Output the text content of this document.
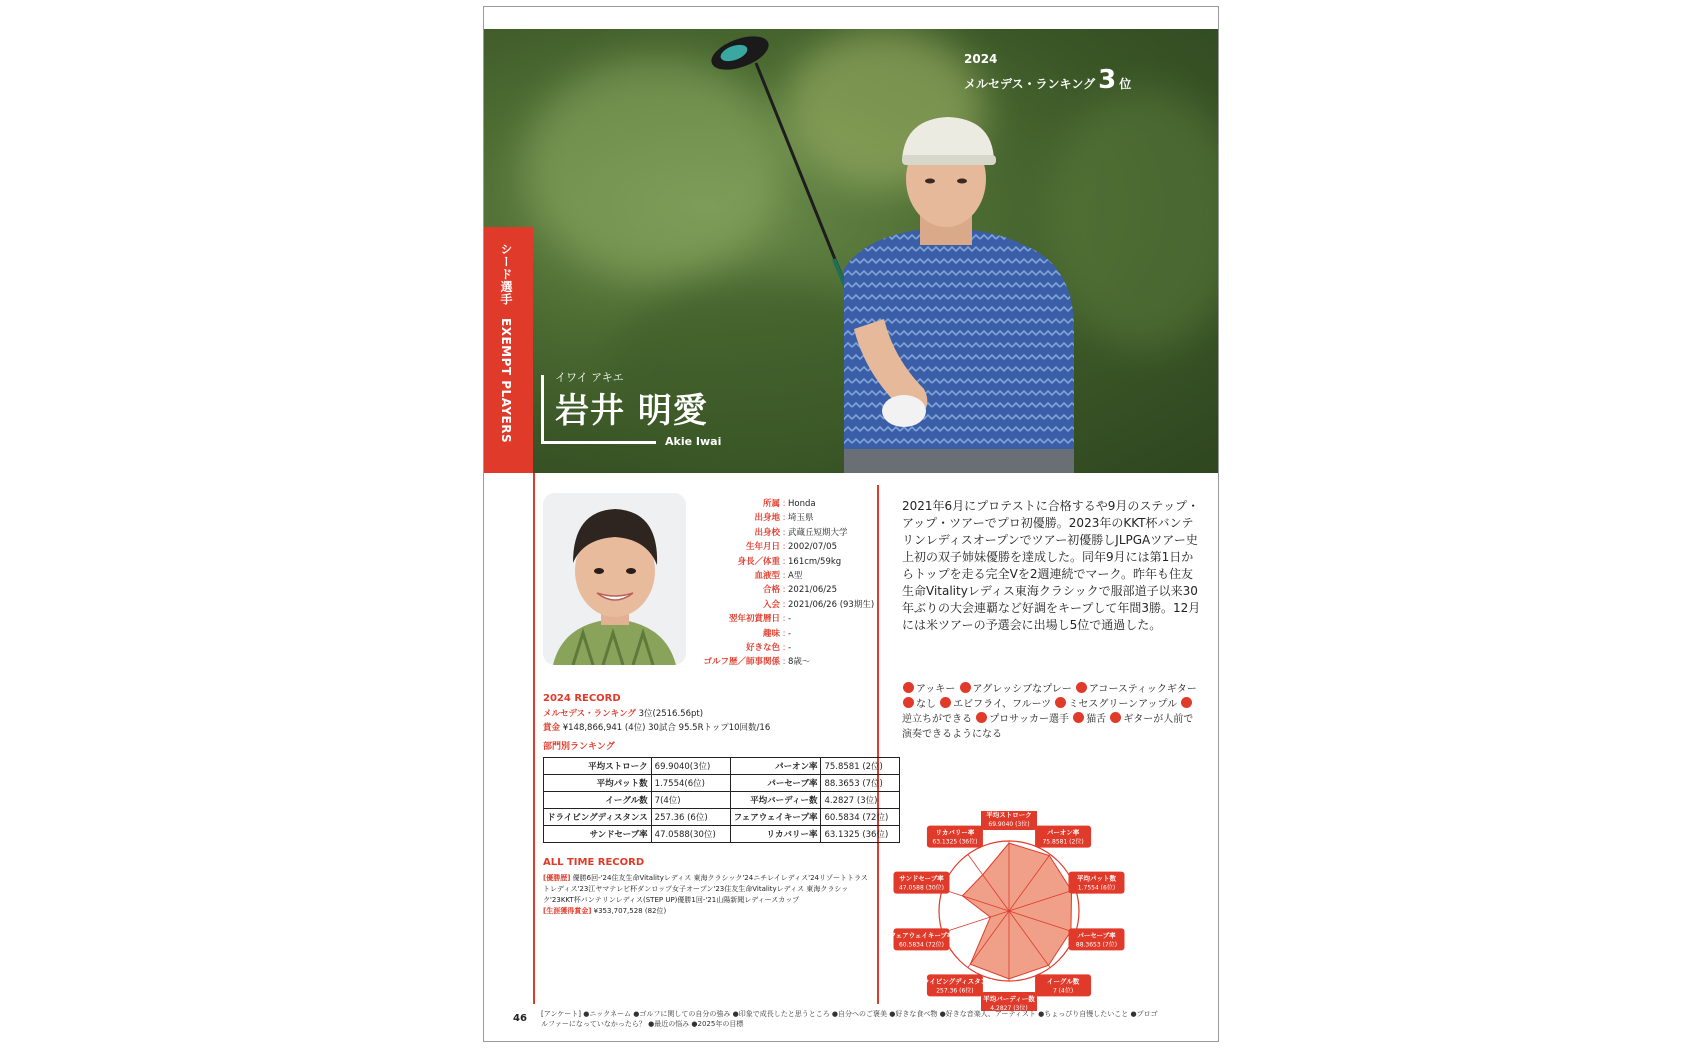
2024
メルセデス・ランキング 3 位
シード選手　EXEMPT PLAYERS	イワイ アキエ
岩井 明愛
Akie Iwai
所属 : Honda
出身地 : 埼玉県
出身校 : 武蔵丘短期大学
生年月日 : 2002/07/05
身長／体重 : 161cm/59kg
血液型 : A型
合格 : 2021/06/25
入会 : 2021/06/26 (93期生)
翌年初賞暦日 : -
趣味 : -
好きな色 : -
ゴルフ歴／師事関係 : 8歳～
2024 RECORD
メルセデス・ランキング 3位(2516.56pt)
賞金 ¥148,866,941 (4位) 30試合 95.5Rトップ10回数/16
部門別ランキング
平均ストローク	69.9040(3位)	パーオン率	75.8581 (2位)
平均パット数	1.7554(6位)	パーセーブ率	88.3653 (7位)
イーグル数	7(4位)	平均バーディー数	4.2827 (3位)
ドライビングディスタンス	257.36 (6位)	フェアウェイキープ率	60.5834 (72位)
サンドセーブ率	47.0588(30位)	リカバリー率	63.1325 (36位)
ALL TIME RECORD
[優勝歴] 優勝6回-'24住友生命Vitalityレディス 東海クラシック'24ニチレイレディス'24リゾートトラストレディス'23江ヤマテレビ杯ダンロップ女子オープン'23住友生命Vitalityレディス 東海クラシック'23KKT杯バンテリンレディス(STEP UP)優勝1回-'21山陽新聞レディースカップ
[生涯獲得賞金] ¥353,707,528 (82位)
2021年6月にプロテストに合格するや9月のステップ・アップ・ツアーでプロ初優勝。2023年のKKT杯バンテリンレディスオープンでツアー初優勝しJLPGAツアー史上初の双子姉妹優勝を達成した。同年9月には第1日からトップを走る完全Vを2週連続でマーク。昨年も住友生命Vitalityレディス東海クラシックで服部道子以来30年ぶりの大会連覇など好調をキープして年間3勝。12月には米ツアーの予選会に出場し5位で通過した。
アッキー アグレッシブなプレー アコースティックギター なし エビフライ、フルーツ ミセスグリーンアップル 逆立ちができる プロサッカー選手 猫舌 ギターが人前で演奏できるようになる
平均ストローク
69.9040 (3位)
パーオン率
75.8581 (2位)
平均パット数
1.7554 (6位)
パーセーブ率
88.3653 (7位)
イーグル数
7 (4位)
平均バーディー数
4.2827 (3位)
ドライビングディスタンス
257.36 (6位)
フェアウェイキープ率
60.5834 (72位)
サンドセーブ率
47.0588 (30位)
リカバリー率
63.1325 (36位)
46 [アンケート] ●ニックネーム ●ゴルフに関しての自分の強み ●印象で成長したと思うところ ●自分へのご褒美 ●好きな食べ物 ●好きな音楽人、アーティスト ●ちょっぴり自慢したいこと ●プロゴルファーになっていなかったら？ ●最近の悩み ●2025年の目標
